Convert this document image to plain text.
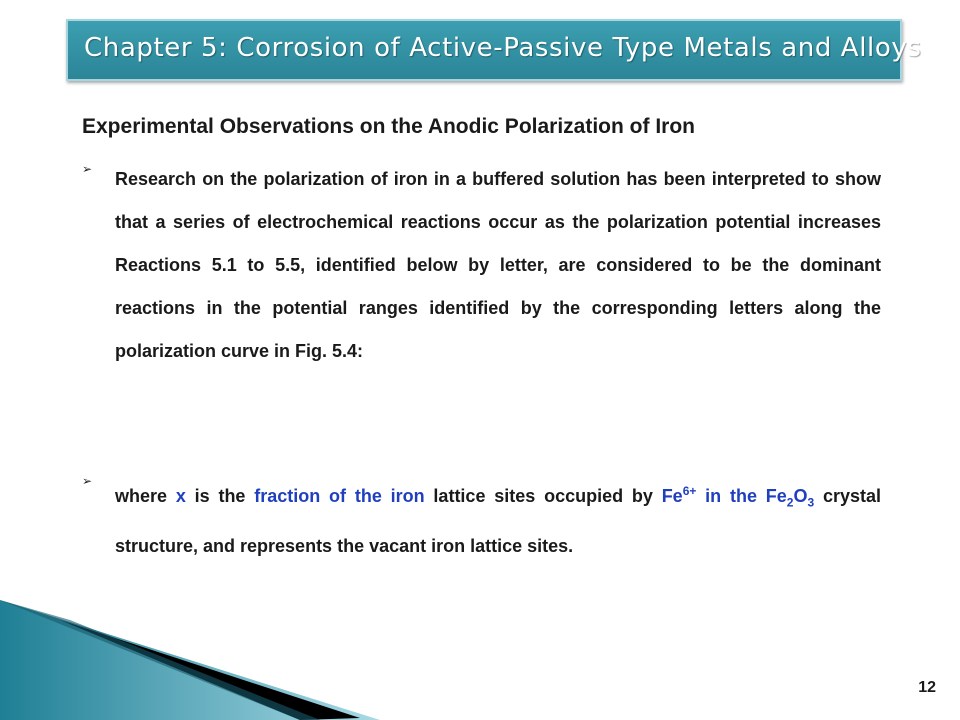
Chapter 5: Corrosion of Active-Passive Type Metals and Alloys
Experimental Observations on the Anodic Polarization of Iron
➢ Research on the polarization of iron in a buffered solution has been interpreted to show that a series of electrochemical reactions occur as the polarization potential increases Reactions 5.1 to 5.5, identified below by letter, are considered to be the dominant reactions in the potential ranges identified by the corresponding letters along the polarization curve in Fig. 5.4:
➢
where x is the fraction of the iron lattice sites occupied by $Fe^{6+}$ in the $Fe_2O_3$ crystal structure, and represents the vacant iron lattice sites.
12
